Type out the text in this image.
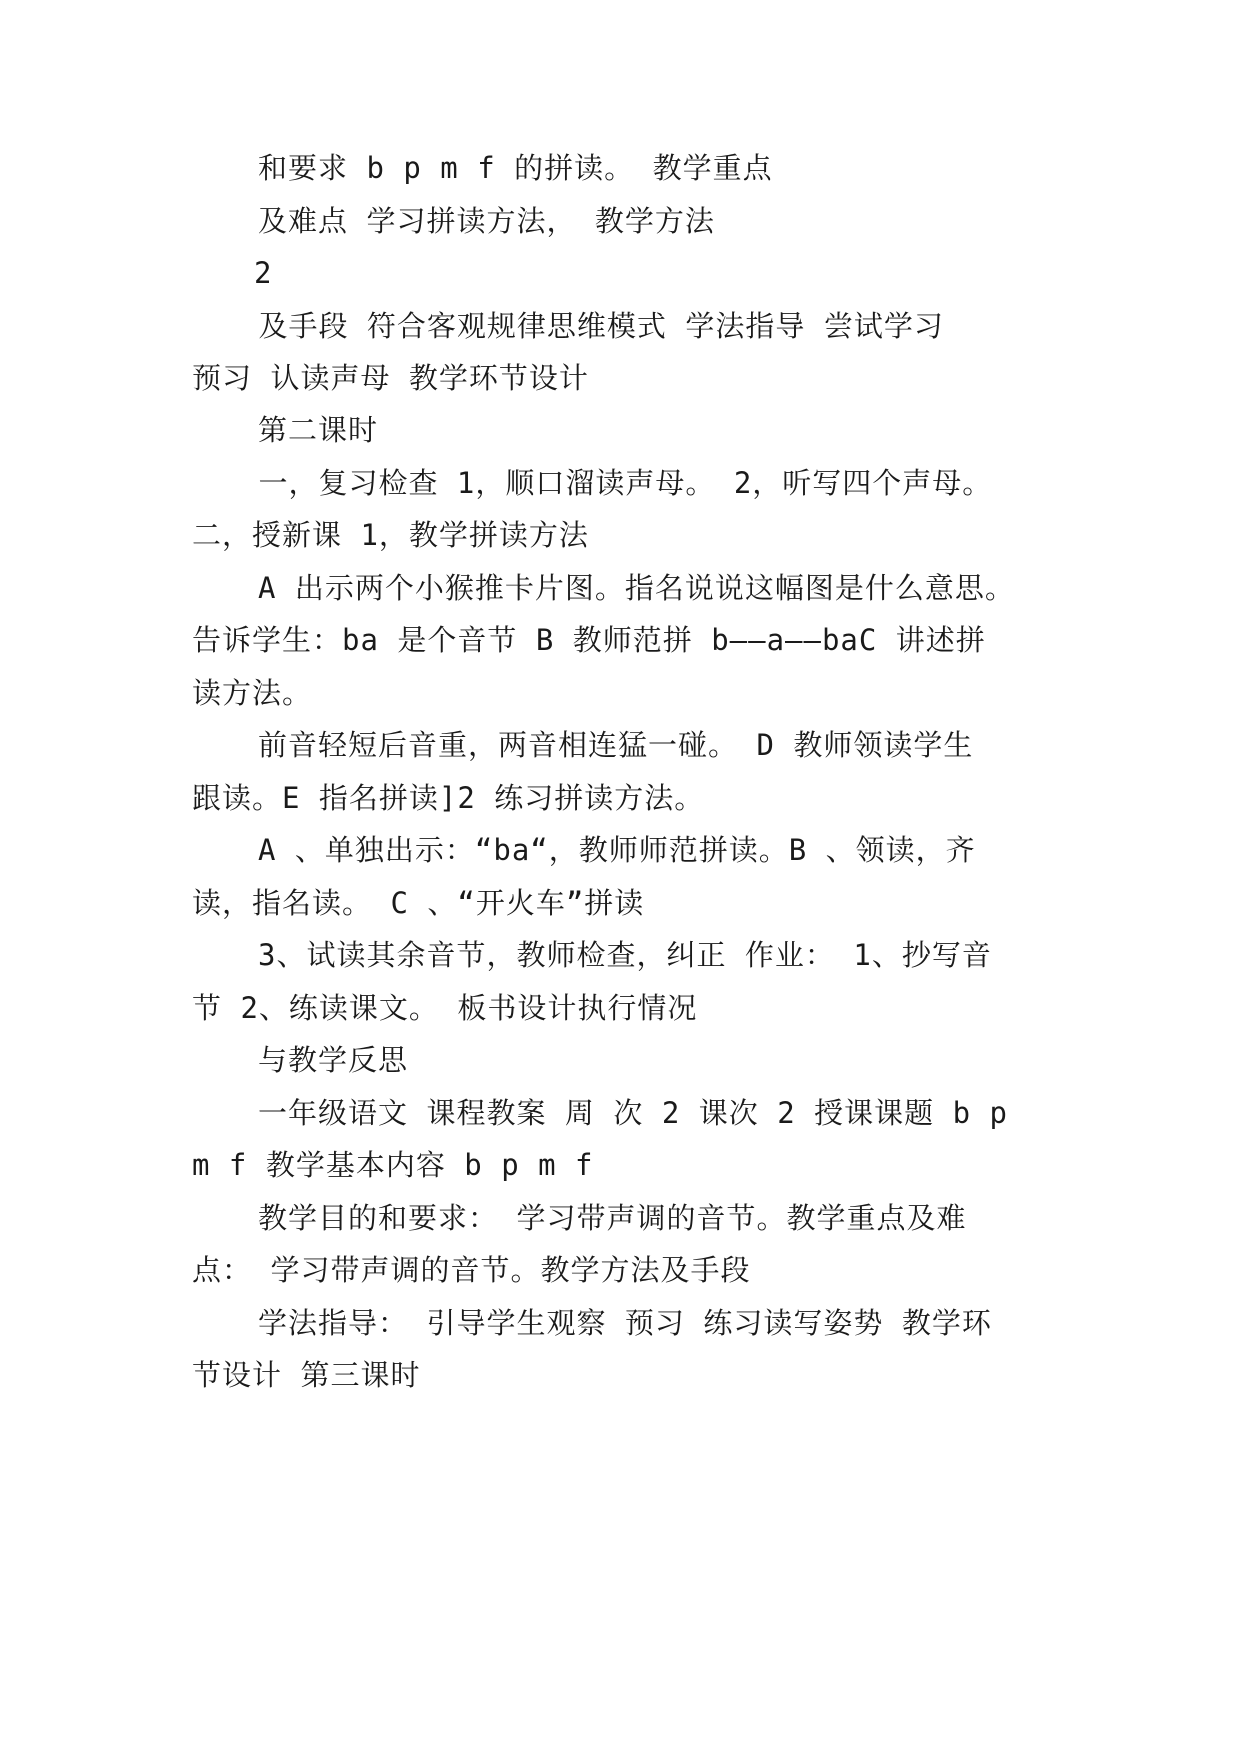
和要求 b p m f 的拼读。 教学重点
及难点 学习拼读方法， 教学方法
2
及手段 符合客观规律思维模式 学法指导 尝试学习
预习 认读声母 教学环节设计
第二课时
一，复习检查 1，顺口溜读声母。 2，听写四个声母。
二，授新课 1，教学拼读方法
A 出示两个小猴推卡片图。指名说说这幅图是什么意思。
告诉学生：ba 是个音节 B 教师范拼 b——a——baC 讲述拼
读方法。
前音轻短后音重，两音相连猛一碰。 D 教师领读学生
跟读。E 指名拼读]2 练习拼读方法。
A 、单独出示：“ba“，教师师范拼读。B 、领读，齐
读，指名读。 C 、“开火车”拼读
3、试读其余音节，教师检查，纠正 作业： 1、抄写音
节 2、练读课文。 板书设计执行情况
与教学反思
一年级语文 课程教案 周 次 2 课次 2 授课课题 b p
m f 教学基本内容 b p m f
教学目的和要求： 学习带声调的音节。教学重点及难
点： 学习带声调的音节。教学方法及手段
学法指导： 引导学生观察 预习 练习读写姿势 教学环
节设计 第三课时
